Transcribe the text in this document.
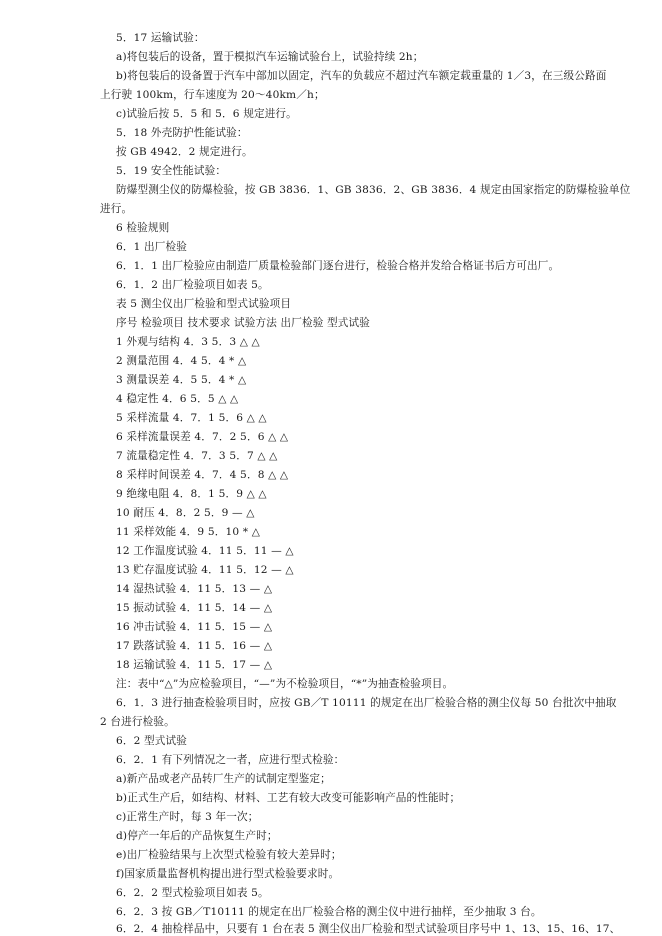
5．17 运输试验：
a)将包装后的设备，置于模拟汽车运输试验台上，试验持续 2h；
b)将包装后的设备置于汽车中部加以固定，汽车的负载应不超过汽车额定载重量的 1／3，在三级公路面
上行驶 100km，行车速度为 20～40km／h；
c)试验后按 5．5 和 5．6 规定进行。
5．18 外壳防护性能试验：
按 GB 4942．2 规定进行。
5．19 安全性能试验：
防爆型测尘仪的防爆检验，按 GB 3836．1、GB 3836．2、GB 3836．4 规定由国家指定的防爆检验单位
进行。
6 检验规则
6．1 出厂检验
6．1．1 出厂检验应由制造厂质量检验部门逐台进行，检验合格并发给合格证书后方可出厂。
6．1．2 出厂检验项目如表 5。
表 5 测尘仪出厂检验和型式试验项目
序号 检验项目 技术要求 试验方法 出厂检验 型式试验
1 外观与结构 4．3 5．3 △ △
2 测量范围 4．4 5．4 * △
3 测量误差 4．5 5．4 * △
4 稳定性 4．6 5．5 △ △
5 采样流量 4．7．1 5．6 △ △
6 采样流量误差 4．7．2 5．6 △ △
7 流量稳定性 4．7．3 5．7 △ △
8 采样时间误差 4．7．4 5．8 △ △
9 绝缘电阻 4．8．1 5．9 △ △
10 耐压 4．8．2 5．9 — △
11 采样效能 4．9 5．10 * △
12 工作温度试验 4．11 5．11 — △
13 贮存温度试验 4．11 5．12 — △
14 湿热试验 4．11 5．13 — △
15 振动试验 4．11 5．14 — △
16 冲击试验 4．11 5．15 — △
17 跌落试验 4．11 5．16 — △
18 运输试验 4．11 5．17 — △
注：表中“△”为应检验项目，“—”为不检验项目，“*”为抽查检验项目。
6．1．3 进行抽查检验项目时，应按 GB／T 10111 的规定在出厂检验合格的测尘仪每 50 台批次中抽取
2 台进行检验。
6．2 型式试验
6．2．1 有下列情况之一者，应进行型式检验：
a)新产品或老产品转厂生产的试制定型鉴定；
b)正式生产后，如结构、材料、工艺有较大改变可能影响产品的性能时；
c)正常生产时，每 3 年一次；
d)停产一年后的产品恢复生产时；
e)出厂检验结果与上次型式检验有较大差异时；
f)国家质量监督机构提出进行型式检验要求时。
6．2．2 型式检验项目如表 5。
6．2．3 按 GB／T10111 的规定在出厂检验合格的测尘仪中进行抽样，至少抽取 3 台。
6．2．4 抽检样品中，只要有 1 台在表 5 测尘仪出厂检验和型式试验项目序号中 1、13、15、16、17、
